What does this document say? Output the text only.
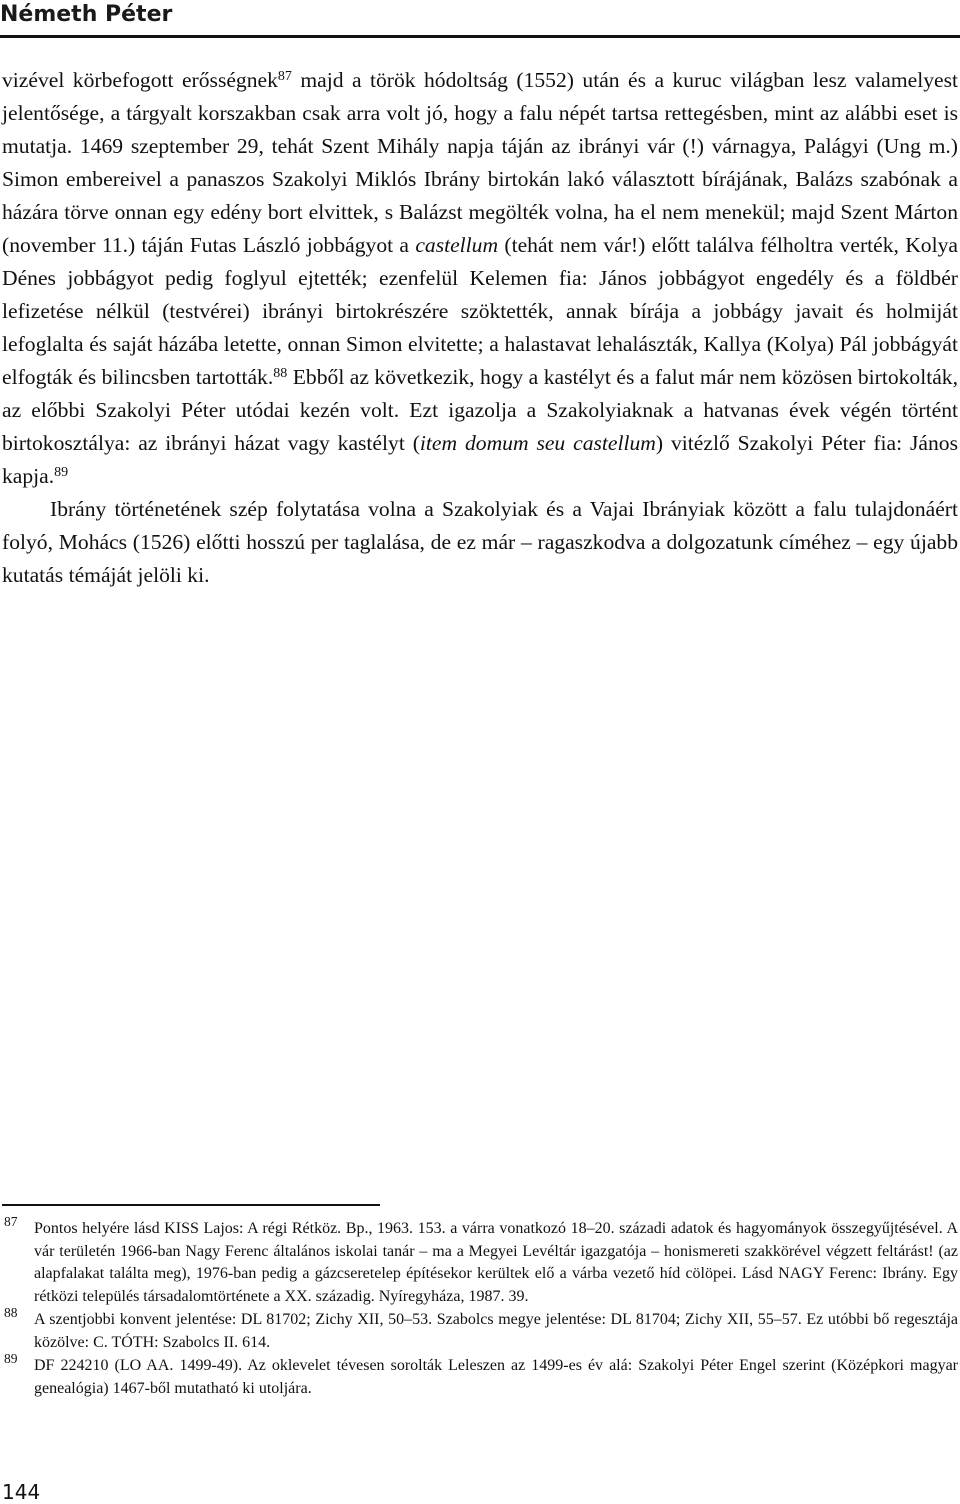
Németh Péter

vizével körbefogott erősségnek$^{87}$ majd a török hódoltság (1552) után és a kuruc világban lesz valamelyest jelentősége, a tárgyalt korszakban csak arra volt jó, hogy a falu népét tartsa rettegésben, mint az alábbi eset is mutatja. 1469 szeptember 29, tehát Szent Mihály napja táján az ibrányi vár (!) várnagya, Palágyi (Ung m.) Simon embereivel a panaszos Szakolyi Miklós Ibrány birtokán lakó választott bírájának, Balázs szabónak a házára törve onnan egy edény bort elvittek, s Balázst megölték volna, ha el nem menekül; majd Szent Márton (november 11.) táján Futas László jobbágyot a castellum (tehát nem vár!) előtt találva félholtra verték, Kolya Dénes jobbágyot pedig foglyul ejtették; ezenfelül Kelemen fia: János jobbágyot engedély és a földbér lefizetése nélkül (testvérei) ibrányi birtokrészére szöktették, annak bírája a jobbágy javait és holmiját lefoglalta és saját házába letette, onnan Simon elvitette; a halastavat lehalászták, Kallya (Kolya) Pál jobbágyát elfogták és bilincsben tartották.$^{88}$ Ebből az következik, hogy a kastélyt és a falut már nem közösen birtokolták, az előbbi Szakolyi Péter utódai kezén volt. Ezt igazolja a Szakolyiaknak a hatvanas évek végén történt birtokosztálya: az ibrányi házat vagy kastélyt (item domum seu castellum) vitézlő Szakolyi Péter fia: János kapja.$^{89}$

Ibrány történetének szép folytatása volna a Szakolyiak és a Vajai Ibrányiak között a falu tulajdonáért folyó, Mohács (1526) előtti hosszú per taglalása, de ez már – ragaszkodva a dolgozatunk címéhez – egy újabb kutatás témáját jelöli ki.

87 Pontos helyére lásd KISS Lajos: A régi Rétköz. Bp., 1963. 153. a várra vonatkozó 18–20. századi adatok és hagyományok összegyűjtésével. A vár területén 1966-ban Nagy Ferenc általános iskolai tanár – ma a Megyei Levéltár igazgatója – honismereti szakkörével végzett feltárást! (az alapfalakat találta meg), 1976-ban pedig a gázcseretelep építésekor kerültek elő a várba vezető híd cölöpei. Lásd NAGY Ferenc: Ibrány. Egy rétközi település társadalomtörténete a XX. századig. Nyíregyháza, 1987. 39.
88 A szentjobbi konvent jelentése: DL 81702; Zichy XII, 50–53. Szabolcs megye jelentése: DL 81704; Zichy XII, 55–57. Ez utóbbi bő regesztája közölve: C. TÓTH: Szabolcs II. 614.
89 DF 224210 (LO AA. 1499-49). Az oklevelet tévesen sorolták Leleszen az 1499-es év alá: Szakolyi Péter Engel szerint (Középkori magyar genealógia) 1467-ből mutatható ki utoljára.
144
